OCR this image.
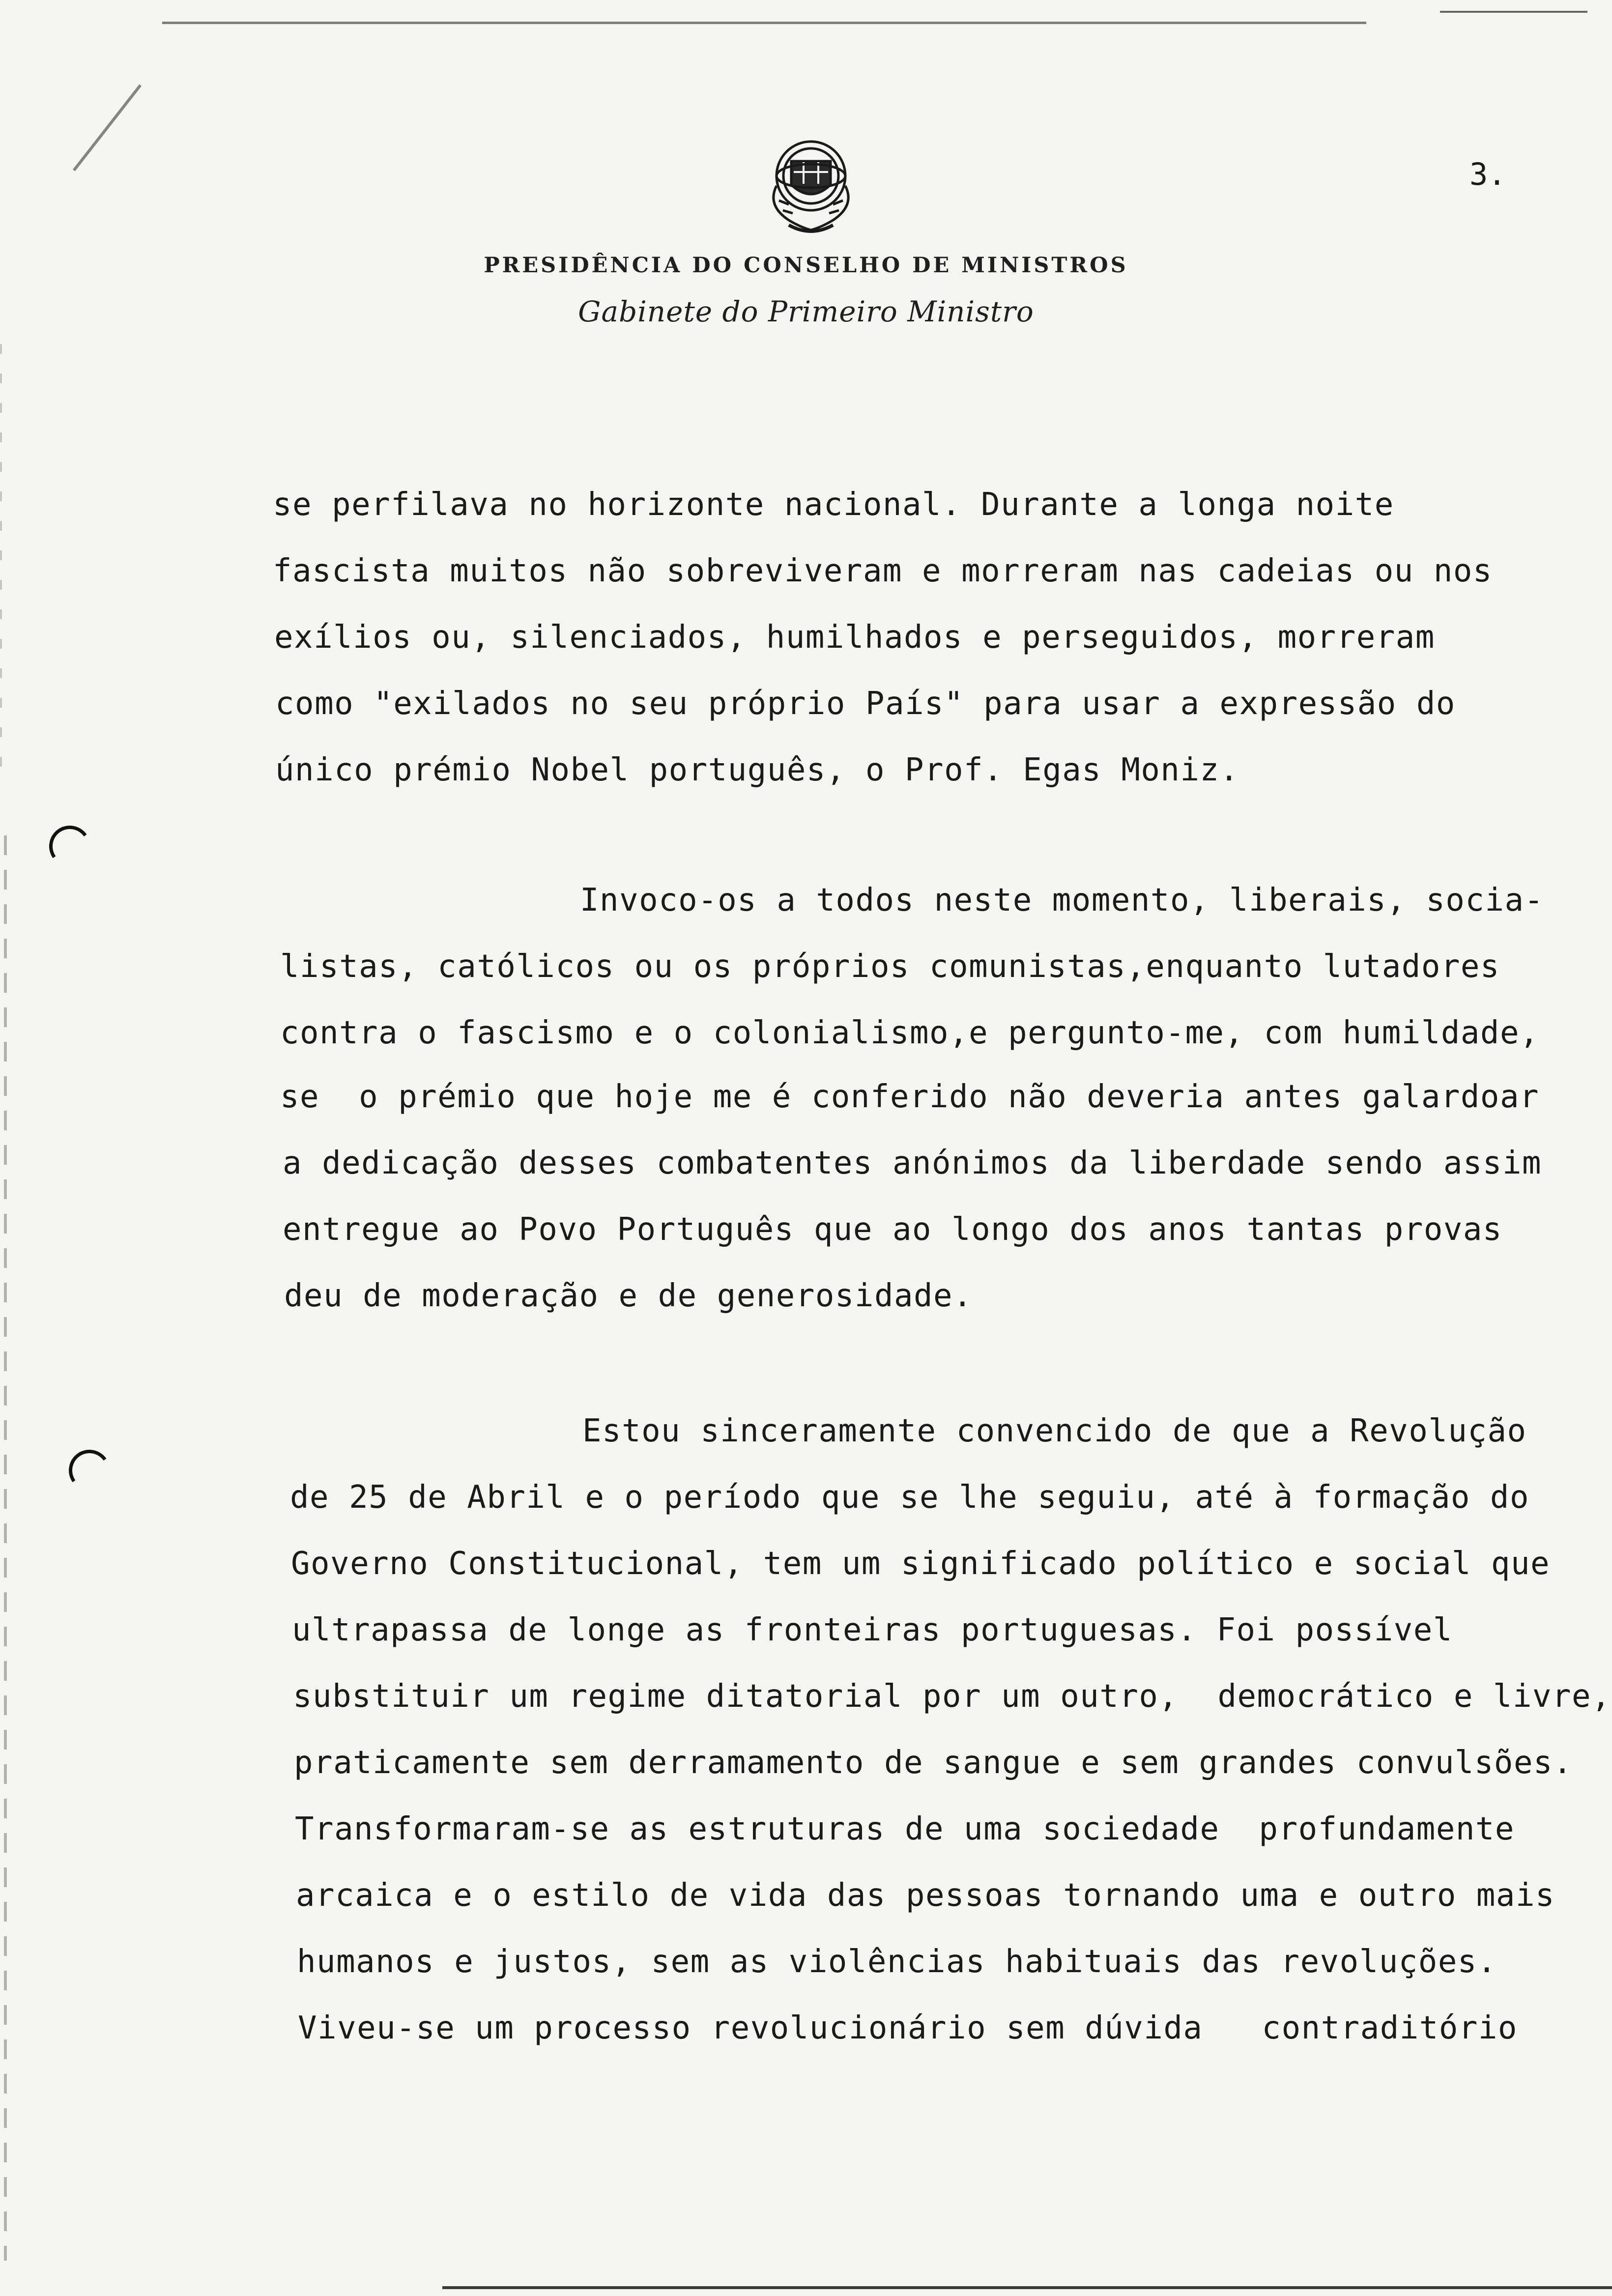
PRESIDÊNCIA DO CONSELHO DE MINISTROS
Gabinete do Primeiro Ministro
3.
se perfilava no horizonte nacional. Durante a longa noite
fascista muitos não sobreviveram e morreram nas cadeias ou nos
exílios ou, silenciados, humilhados e perseguidos, morreram
como "exilados no seu próprio País" para usar a expressão do
único prémio Nobel português, o Prof. Egas Moniz.
Invoco-os a todos neste momento, liberais, socia-
listas, católicos ou os próprios comunistas,enquanto lutadores
contra o fascismo e o colonialismo,e pergunto-me, com humildade,
se  o prémio que hoje me é conferido não deveria antes galardoar
a dedicação desses combatentes anónimos da liberdade sendo assim
entregue ao Povo Português que ao longo dos anos tantas provas
deu de moderação e de generosidade.
Estou sinceramente convencido de que a Revolução
de 25 de Abril e o período que se lhe seguiu, até à formação do
Governo Constitucional, tem um significado político e social que
ultrapassa de longe as fronteiras portuguesas. Foi possível
substituir um regime ditatorial por um outro,  democrático e livre,
praticamente sem derramamento de sangue e sem grandes convulsões.
Transformaram-se as estruturas de uma sociedade  profundamente
arcaica e o estilo de vida das pessoas tornando uma e outro mais
humanos e justos, sem as violências habituais das revoluções.
Viveu-se um processo revolucionário sem dúvida   contraditório
